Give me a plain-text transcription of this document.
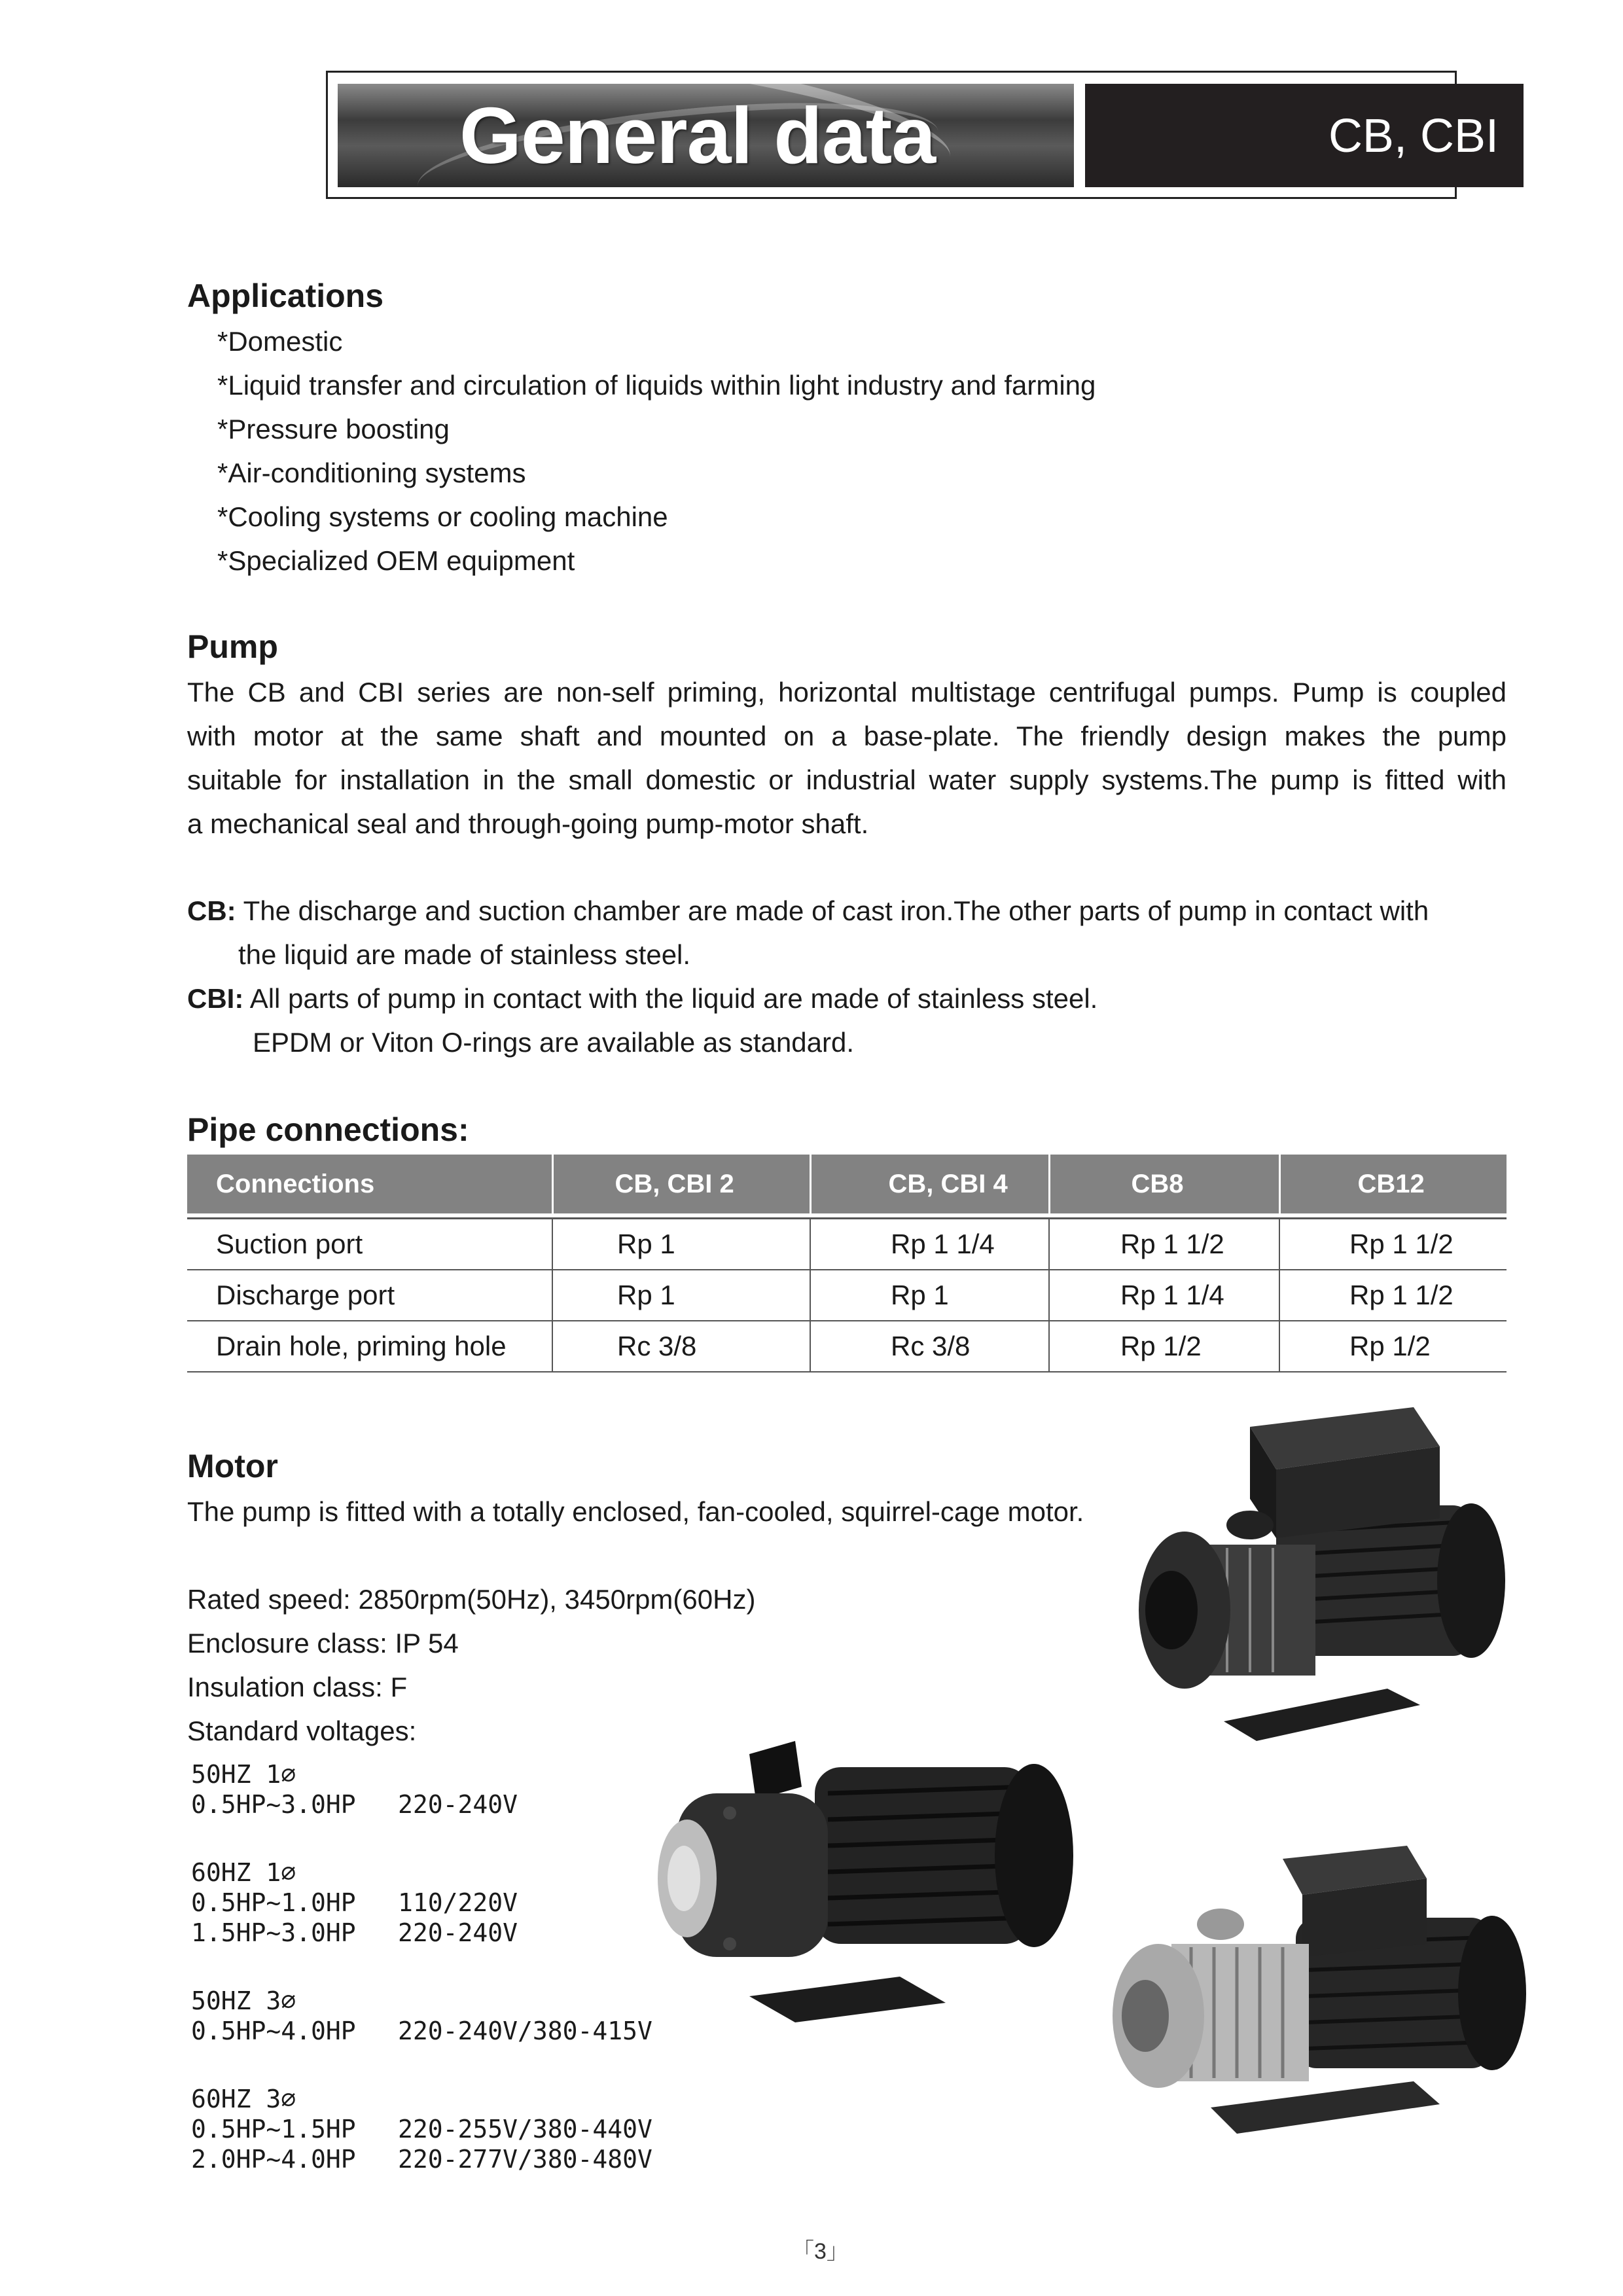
General data	CB, CBI
Applications
*Domestic
*Liquid transfer and circulation of liquids within light industry and farming
*Pressure boosting
*Air-conditioning systems
*Cooling systems or cooling machine
*Specialized OEM equipment
Pump
The CB and CBI series are non-self priming, horizontal multistage centrifugal pumps. Pump is coupled
with motor at the same shaft and mounted on a base-plate. The friendly design makes the pump
suitable for installation in the small domestic or industrial water supply systems.The pump is fitted with
a mechanical seal and through-going pump-motor shaft.
CB: The discharge and suction chamber are made of cast iron.The other parts of pump in contact with
the liquid are made of stainless steel.
CBI: All parts of pump in contact with the liquid are made of stainless steel.
EPDM or Viton O-rings are available as standard.
Pipe connections:
Connections	CB, CBI 2	CB, CBI 4	CB8	CB12

Suction port	Rp 1	Rp 1 1/4	Rp 1 1/2	Rp 1 1/2
Discharge port	Rp 1	Rp 1	Rp 1 1/4	Rp 1 1/2
Drain hole, priming hole	Rc 3/8	Rc 3/8	Rp 1/2	Rp 1/2
Motor
The pump is fitted with a totally enclosed, fan-cooled, squirrel-cage motor.
Rated speed: 2850rpm(50Hz), 3450rpm(60Hz)
Enclosure class: IP 54
Insulation class: F
Standard voltages:
50HZ 1∅
0.5HP~3.0HP	220-240V
60HZ 1∅
0.5HP~1.0HP	110/220V
1.5HP~3.0HP	220-240V
50HZ 3∅
0.5HP~4.0HP	220-240V/380-415V
60HZ 3∅
0.5HP~1.5HP	220-255V/380-440V
2.0HP~4.0HP	220-277V/380-480V
「3」
